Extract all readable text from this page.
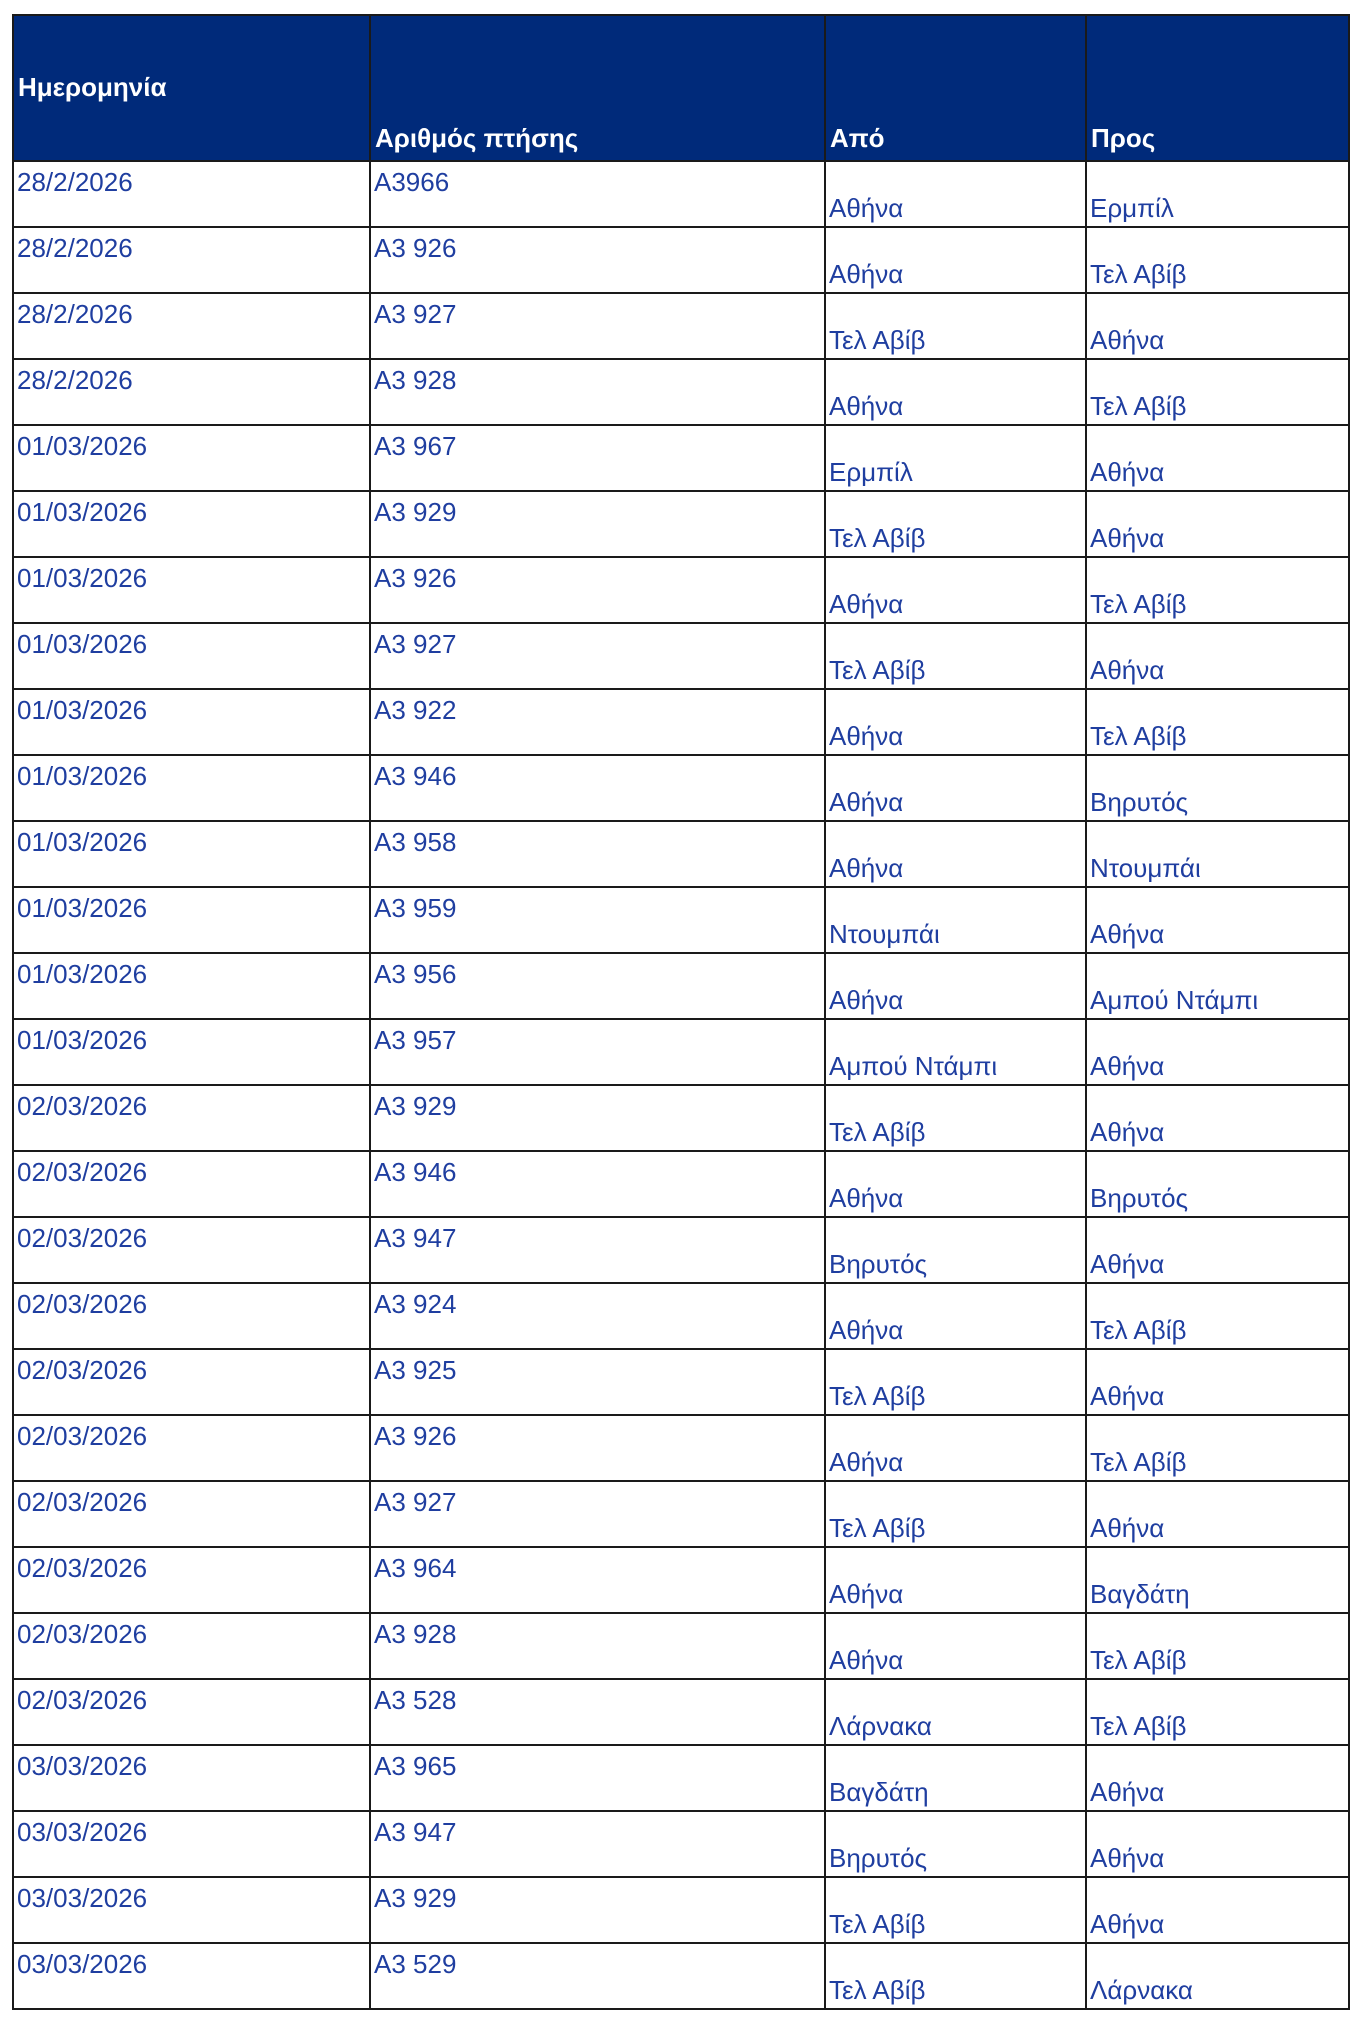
Ημερομηνία	Αριθμός πτήσης	Από	Προς
28/2/2026	A3966	Αθήνα	Ερμπίλ
28/2/2026	A3 926	Αθήνα	Τελ Αβίβ
28/2/2026	A3 927	Τελ Αβίβ	Αθήνα
28/2/2026	A3 928	Αθήνα	Τελ Αβίβ
01/03/2026	A3 967	Ερμπίλ	Αθήνα
01/03/2026	A3 929	Τελ Αβίβ	Αθήνα
01/03/2026	A3 926	Αθήνα	Τελ Αβίβ
01/03/2026	A3 927	Τελ Αβίβ	Αθήνα
01/03/2026	A3 922	Αθήνα	Τελ Αβίβ
01/03/2026	A3 946	Αθήνα	Βηρυτός
01/03/2026	A3 958	Αθήνα	Ντουμπάι
01/03/2026	A3 959	Ντουμπάι	Αθήνα
01/03/2026	A3 956	Αθήνα	Αμπού Ντάμπι
01/03/2026	A3 957	Αμπού Ντάμπι	Αθήνα
02/03/2026	A3 929	Τελ Αβίβ	Αθήνα
02/03/2026	A3 946	Αθήνα	Βηρυτός
02/03/2026	A3 947	Βηρυτός	Αθήνα
02/03/2026	A3 924	Αθήνα	Τελ Αβίβ
02/03/2026	A3 925	Τελ Αβίβ	Αθήνα
02/03/2026	A3 926	Αθήνα	Τελ Αβίβ
02/03/2026	A3 927	Τελ Αβίβ	Αθήνα
02/03/2026	A3 964	Αθήνα	Βαγδάτη
02/03/2026	A3 928	Αθήνα	Τελ Αβίβ
02/03/2026	A3 528	Λάρνακα	Τελ Αβίβ
03/03/2026	A3 965	Βαγδάτη	Αθήνα
03/03/2026	A3 947	Βηρυτός	Αθήνα
03/03/2026	A3 929	Τελ Αβίβ	Αθήνα
03/03/2026	A3 529	Τελ Αβίβ	Λάρνακα
